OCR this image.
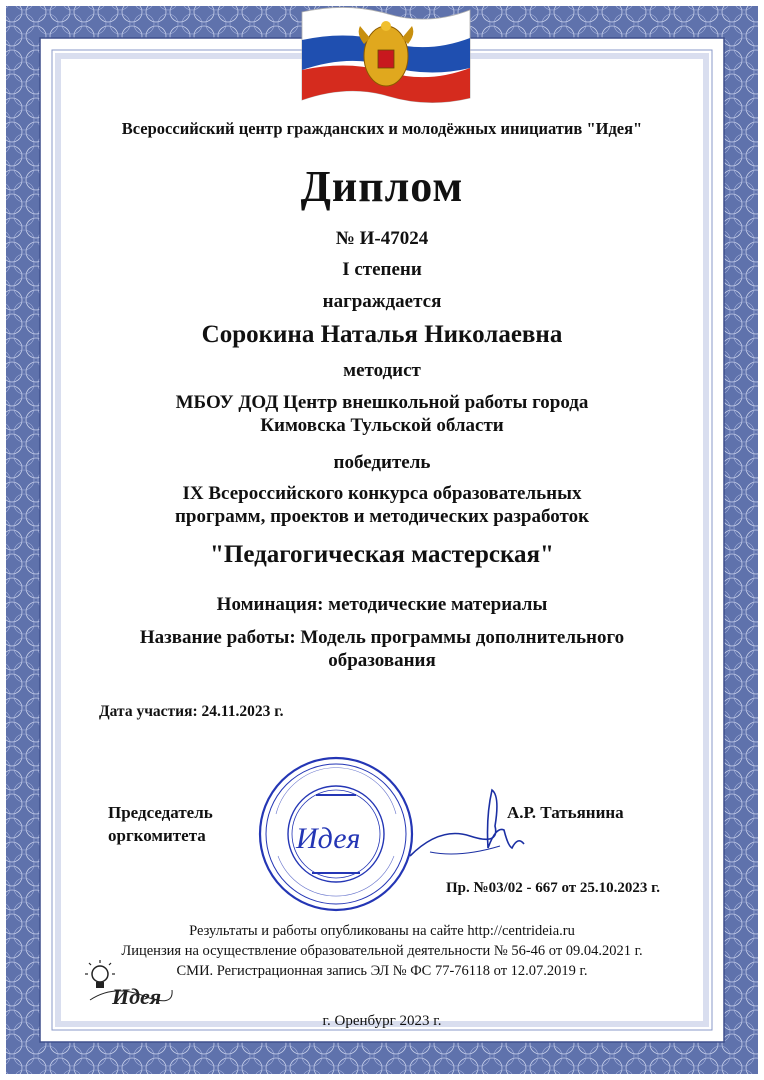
Всероссийский центр гражданских и молодёжных инициатив "Идея"
Диплом
№ И-47024
I степени
награждается
Сорокина Наталья Николаевна
методист
МБОУ ДОД Центр внешкольной работы города
Кимовска Тульской области
победитель
IX Всероссийского конкурса образовательных
программ, проектов и методических разработок
"Педагогическая мастерская"
Номинация: методические материалы
Название работы: Модель программы дополнительного
образования
Дата участия: 24.11.2023 г.
Идея
Председатель
оргкомитета
А.Р. Татьянина
Пр. №03/02 - 667 от 25.10.2023 г.
Результаты и работы опубликованы на сайте http://centrideia.ru
Лицензия на осуществление образовательной деятельности № 56-46 от 09.04.2021 г.
СМИ. Регистрационная запись ЭЛ № ФС 77-76118 от 12.07.2019 г.
Идея
г. Оренбург 2023 г.
